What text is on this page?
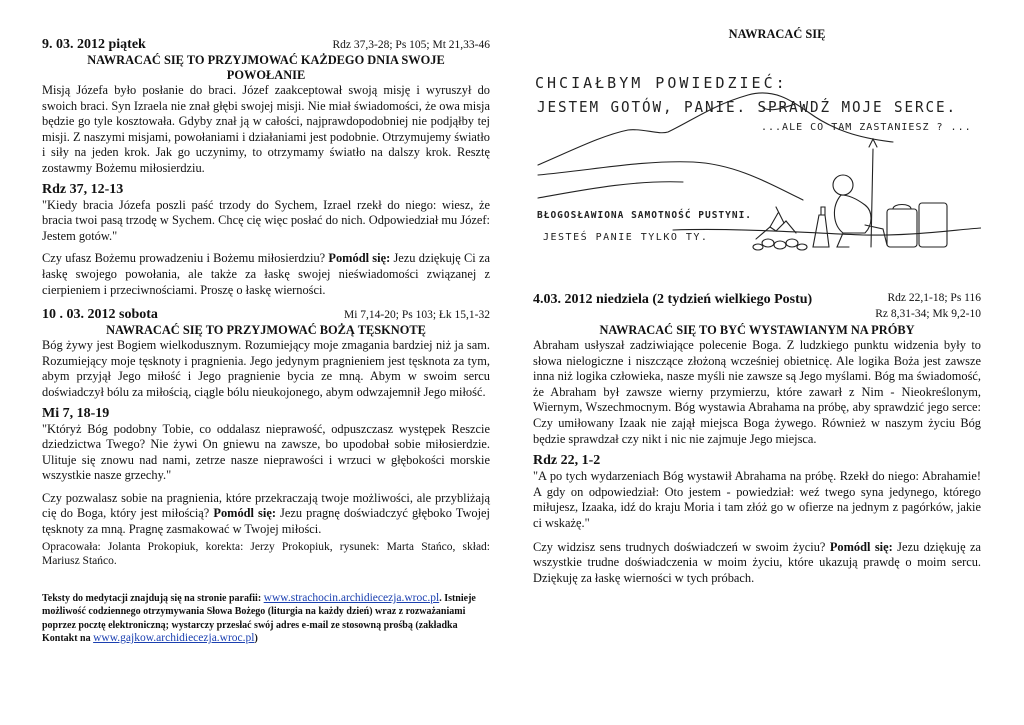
9. 03. 2012 piątek	Rdz 37,3-28; Ps 105; Mt 21,33-46
NAWRACAĆ SIĘ TO PRZYJMOWAĆ KAŻDEGO DNIA SWOJE
POWOŁANIE

Misją Józefa było posłanie do braci. Józef zaakceptował swoją misję i wyruszył do swoich braci. Syn Izraela nie znał głębi swojej misji. Nie miał świadomości, że owa misja będzie go tyle kosztowała. Gdyby znał ją w całości, najprawdopodobniej nie podjąłby tej misji. Z naszymi misjami, powołaniami i działaniami jest podobnie. Otrzymujemy światło i siły na jeden krok. Jak go uczynimy, to otrzymamy światło na dalszy krok. Resztę zostawmy Bożemu miłosierdziu.

Rdz 37, 12-13

"Kiedy bracia Józefa poszli paść trzody do Sychem, Izrael rzekł do niego: wiesz, że bracia twoi pasą trzodę w Sychem. Chcę cię więc posłać do nich. Odpowiedział mu Józef: Jestem gotów."

Czy ufasz Bożemu prowadzeniu i Bożemu miłosierdziu? Pomódl się: Jezu dziękuję Ci za łaskę swojego powołania, ale także za łaskę swojej nieświadomości związanej z cierpieniem i przeciwnościami. Proszę o łaskę wierności.

10 . 03. 2012 sobota	Mi 7,14-20; Ps 103; Łk 15,1-32
NAWRACAĆ SIĘ TO PRZYJMOWAĆ BOŻĄ TĘSKNOTĘ

Bóg żywy jest Bogiem wielkodusznym. Rozumiejący moje zmagania bardziej niż ja sam. Rozumiejący moje tęsknoty i pragnienia. Jego jedynym pragnieniem jest tęsknota za tym, abym przyjął Jego miłość i Jego pragnienie bycia ze mną. Abym w swoim sercu doświadczył bólu za miłością, ciągle bólu nieukojonego, abym odwzajemnił Jego miłość.

Mi 7, 18-19

"Któryż Bóg podobny Tobie, co oddalasz nieprawość, odpuszczasz występek Reszcie dziedzictwa Twego? Nie żywi On gniewu na zawsze, bo upodobał sobie miłosierdzie. Ulituje się znowu nad nami, zetrze nasze nieprawości i wrzuci w głębokości morskie wszystkie nasze grzechy."

Czy pozwalasz sobie na pragnienia, które przekraczają twoje możliwości, ale przybliżają cię do Boga, który jest miłością? Pomódl się: Jezu pragnę doświadczyć głęboko Twojej tęsknoty za mną. Pragnę zasmakować w Twojej miłości.

Opracowała: Jolanta Prokopiuk, korekta: Jerzy Prokopiuk, rysunek: Marta Stańco, skład: Mariusz Stańco.

Teksty do medytacji znajdują się na stronie parafii: www.strachocin.archidiecezja.wroc.pl. Istnieje możliwość codziennego otrzymywania Słowa Bożego (liturgia na każdy dzień) wraz z rozważaniami poprzez pocztę elektroniczną; wystarczy przesłać swój adres e-mail ze stosowną prośbą (zakładka Kontakt na www.gajkow.archidiecezja.wroc.pl)
NAWRACAĆ SIĘ
CHCIAŁBYM POWIEDZIEĆ:
JESTEM GOTÓW, PANIE. SPRAWDŹ MOJE SERCE.
...ALE CO TAM ZASTANIESZ ? ...
BŁOGOSŁAWIONA SAMOTNOŚĆ PUSTYNI.
JESTEŚ PANIE TYLKO TY.
4.03. 2012 niedziela (2 tydzień wielkiego Postu)	Rdz 22,1-18; Ps 116
Rz 8,31-34; Mk 9,2-10
NAWRACAĆ SIĘ TO BYĆ WYSTAWIANYM NA PRÓBY

Abraham usłyszał zadziwiające polecenie Boga. Z ludzkiego punktu widzenia były to słowa nielogiczne i niszczące złożoną wcześniej obietnicę. Ale logika Boża jest zawsze inna niż logika człowieka, nasze myśli nie zawsze są Jego myślami. Bóg ma świadomość, że Abraham był zawsze wierny przymierzu, które zawarł z Nim - Nieokreślonym, Wiernym, Wszechmocnym. Bóg wystawia Abrahama na próbę, aby sprawdzić jego serce: Czy umiłowany Izaak nie zajął miejsca Boga żywego. Również w naszym życiu Bóg będzie sprawdzał czy nikt i nic nie zajmuje Jego miejsca.

Rdz 22, 1-2

"A po tych wydarzeniach Bóg wystawił Abrahama na próbę. Rzekł do niego: Abrahamie! A gdy on odpowiedział: Oto jestem - powiedział: weź twego syna jedynego, którego miłujesz, Izaaka, idź do kraju Moria i tam złóż go w ofierze na jednym z pagórków, jakie ci wskażę."

Czy widzisz sens trudnych doświadczeń w swoim życiu? Pomódl się: Jezu dziękuję za wszystkie trudne doświadczenia w moim życiu, które ukazują prawdę o moim sercu. Dziękuję za łaskę wierności w tych próbach.
